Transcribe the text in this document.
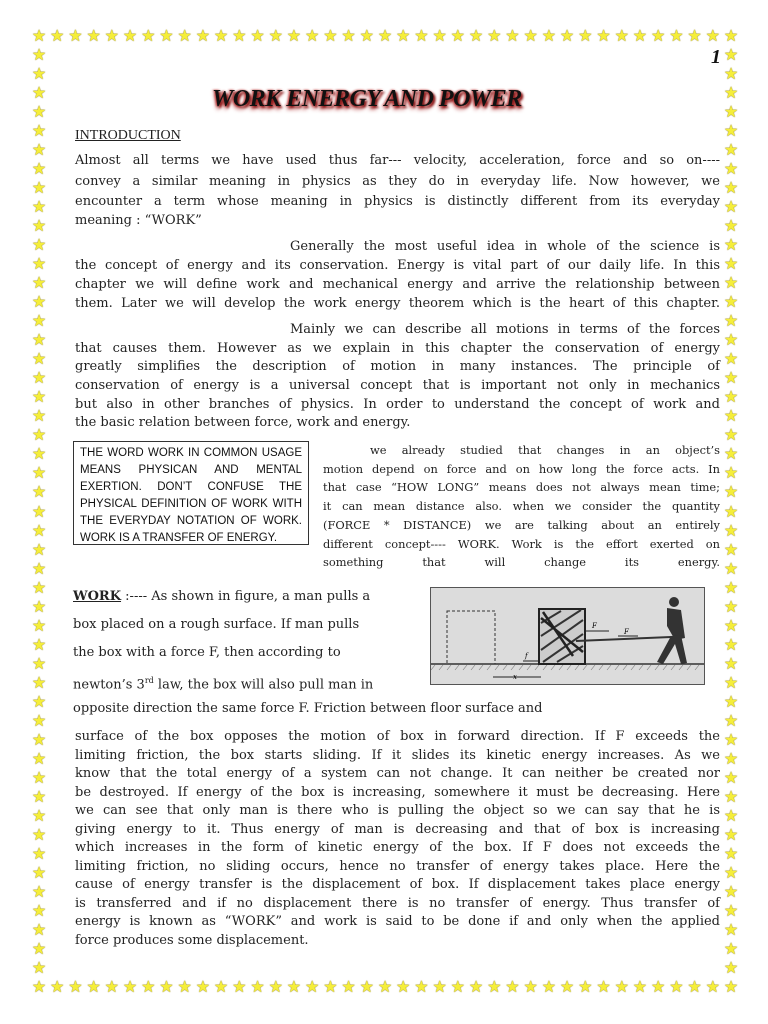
★
★
★
★
★
★
★
★
★
★
★
★
★
★
★
★
★
★
★
★
★
★
★
★
★
★
★
★
★
★
★
★
★
★
★
★
★
★
★
★
★
★
★
★
★
★
★
★
★
★
★
★
★
★
★
★
★
★
★
★
★
★
★
★
★
★
★
★
★
★
★
★
★
★
★
★
★
★
★	★
★	★
★	★
★	★
★	★
★	★
★	★
★	★
★	★
★	★
★	★
★	★
★	★
★	★
★	★
★	★
★	★
★	★
★	★
★	★
★	★
★	★
★	★
★	★
★	★
★	★
★	★
★	★
★	★
★	★
★	★
★	★
★	★
★	★
★	★
★	★
★	★
★	★
★	★
★	★
★	★
★	★
★	★
★	★
★	★
★	★
★	★
★	★
★	★
1
WORK ENERGY AND POWER
INTRODUCTION
Almost all terms we have used thus far--- velocity, acceleration, force and so on----
convey a similar meaning in physics as they do in everyday life. Now however, we
encounter a term whose meaning in physics is distinctly different from its everyday
meaning : “WORK”
Generally the most useful idea in whole of the science is
the concept of energy and its conservation. Energy is vital part of our daily life. In this
chapter we will define work and mechanical energy and arrive the relationship between
them. Later we will develop the work energy theorem which is the heart of this chapter.
Mainly we can describe all motions in terms of the forces
that causes them. However as we explain in this chapter the conservation of energy
greatly simplifies the description of motion in many instances. The principle of
conservation of energy is a universal concept that is important not only in mechanics
but also in other branches of physics. In order to understand the concept of work and
the basic relation between force, work and energy.
THE WORD WORK IN COMMON USAGE
MEANS PHYSICAN AND MENTAL
EXERTION. DON’T CONFUSE THE
PHYSICAL DEFINITION OF WORK WITH
THE EVERYDAY NOTATION OF WORK.
WORK IS A TRANSFER OF ENERGY.
we already studied that changes in an object’s
motion depend on force and on how long the force acts. In
that case “HOW LONG” means does not always mean time;
it can mean distance also. when we consider the quantity
(FORCE * DISTANCE) we are talking about an entirely
different concept---- WORK. Work is the effort exerted on
something that will change its energy.
WORK :---- As shown in figure, a man pulls a
box placed on a rough surface. If man pulls
the box with a force F, then according to
newton’s 3rd law, the box will also pull man in
opposite direction the same force F. Friction between floor surface and
F
F
f
x
surface of the box opposes the motion of box in forward direction. If F exceeds the
limiting friction, the box starts sliding. If it slides its kinetic energy increases. As we
know that the total energy of a system can not change. It can neither be created nor
be destroyed. If energy of the box is increasing, somewhere it must be decreasing. Here
we can see that only man is there who is pulling the object so we can say that he is
giving energy to it. Thus energy of man is decreasing and that of box is increasing
which increases in the form of kinetic energy of the box. If F does not exceeds the
limiting friction, no sliding occurs, hence no transfer of energy takes place. Here the
cause of energy transfer is the displacement of box. If displacement takes place energy
is transferred and if no displacement there is no transfer of energy. Thus transfer of
energy is known as “WORK” and work is said to be done if and only when the applied
force produces some displacement.
